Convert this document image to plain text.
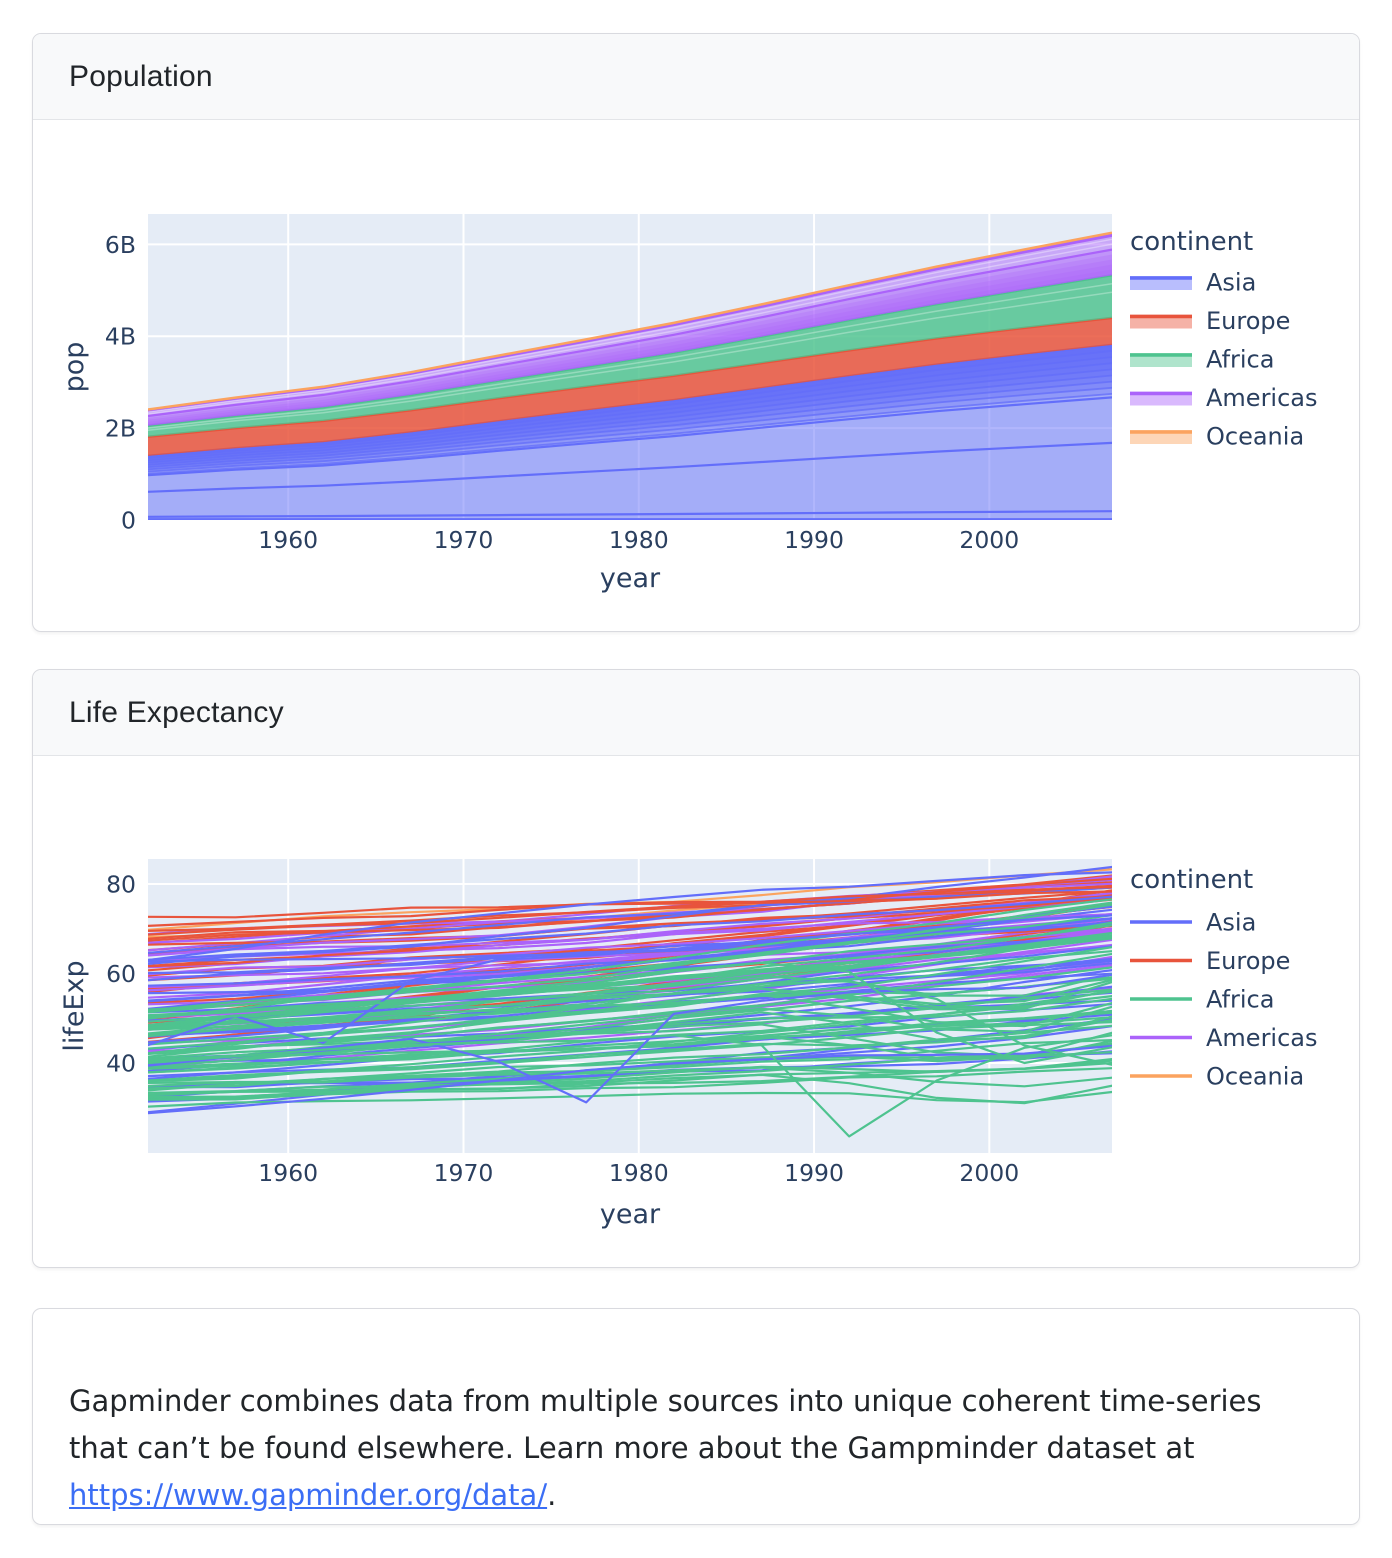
Population
0
2B
4B
6B
1960	1970	1980	1990	2000
year
pop
continent
Asia
Europe
Africa
Americas
Oceania
Life Expectancy
40
60
80
1960	1970	1980	1990	2000
year
lifeExp
continent
Asia
Europe
Africa
Americas
Oceania

Gapminder combines data from multiple sources into unique coherent time-series that can’t be found elsewhere. Learn more about the Gampminder dataset at https://www.gapminder.org/data/.
